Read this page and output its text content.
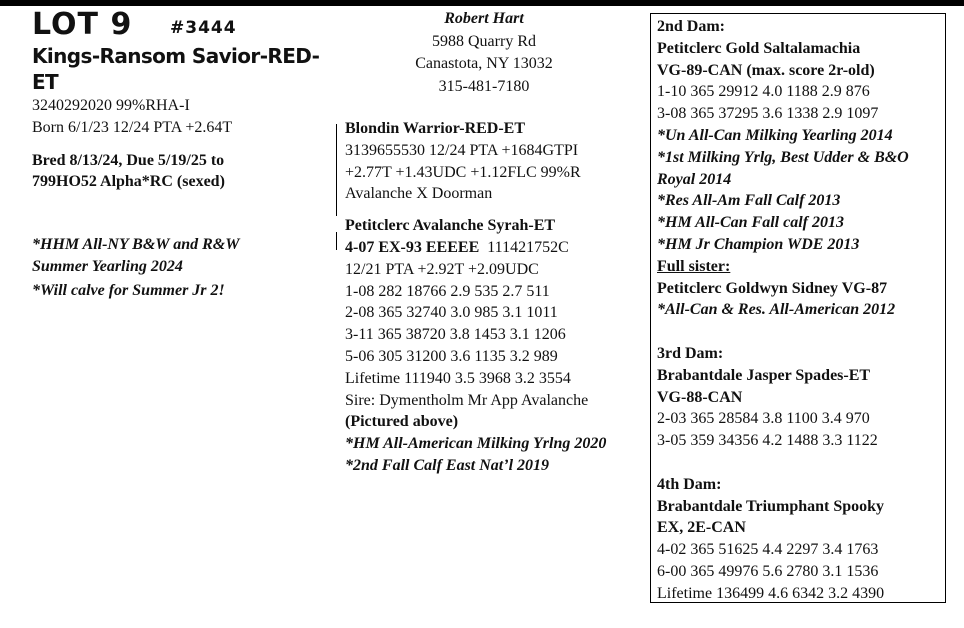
LOT 9 #3444
Kings-Ransom Savior-RED-ET
3240292020 99%RHA-I
Born 6/1/23 12/24 PTA +2.64T
Bred 8/13/24, Due 5/19/25 to
799HO52 Alpha*RC (sexed)
*HHM All-NY B&W and R&W
Summer Yearling 2024
*Will calve for Summer Jr 2!
Robert Hart
5988 Quarry Rd
Canastota, NY 13032
315-481-7180
Blondin Warrior-RED-ET
3139655530 12/24 PTA +1684GTPI
+2.77T +1.43UDC +1.12FLC 99%R
Avalanche X Doorman
Petitclerc Avalanche Syrah-ET
4-07 EX-93 EEEEE 111421752C
12/21 PTA +2.92T +2.09UDC
1-08 282 18766 2.9 535 2.7 511
2-08 365 32740 3.0 985 3.1 1011
3-11 365 38720 3.8 1453 3.1 1206
5-06 305 31200 3.6 1135 3.2 989
Lifetime 111940 3.5 3968 3.2 3554
Sire: Dymentholm Mr App Avalanche
(Pictured above)
*HM All-American Milking Yrlng 2020
*2nd Fall Calf East Nat’l 2019
2nd Dam:
Petitclerc Gold Saltalamachia
VG-89-CAN (max. score 2r-old)
1-10 365 29912 4.0 1188 2.9 876
3-08 365 37295 3.6 1338 2.9 1097
*Un All-Can Milking Yearling 2014
*1st Milking Yrlg, Best Udder & B&O
Royal 2014
*Res All-Am Fall Calf 2013
*HM All-Can Fall calf 2013
*HM Jr Champion WDE 2013
Full sister:
Petitclerc Goldwyn Sidney VG-87
*All-Can & Res. All-American 2012
3rd Dam:
Brabantdale Jasper Spades-ET
VG-88-CAN
2-03 365 28584 3.8 1100 3.4 970
3-05 359 34356 4.2 1488 3.3 1122
4th Dam:
Brabantdale Triumphant Spooky
EX, 2E-CAN
4-02 365 51625 4.4 2297 3.4 1763
6-00 365 49976 5.6 2780 3.1 1536
Lifetime 136499 4.6 6342 3.2 4390
